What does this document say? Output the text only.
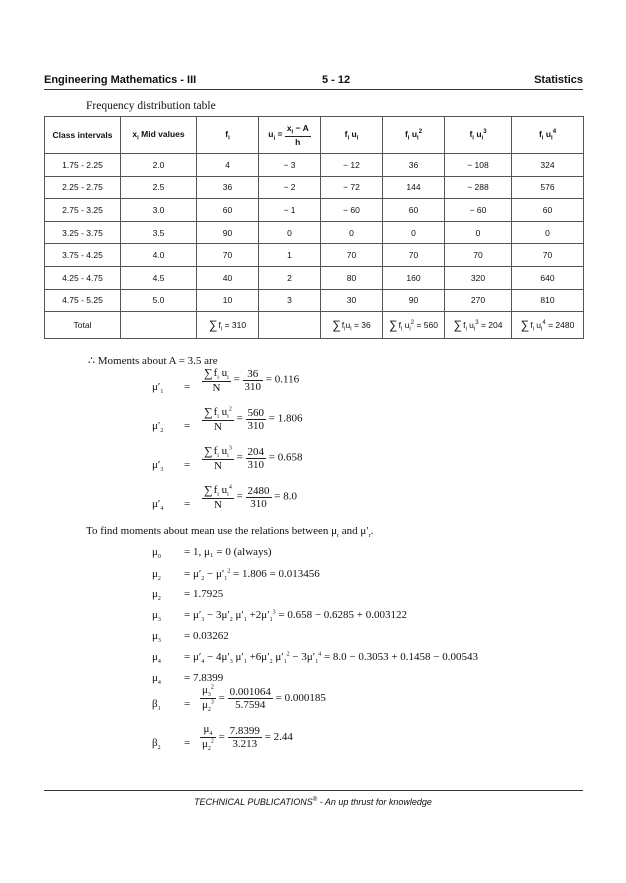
Engineering Mathematics - III	5 - 12	Statistics
Frequency distribution table
Class intervals	$x_i$ Mid values	$f_i$	$u_i = \frac{x_i - A}{h}$	$f_i$ $u_i$	$f_i$ $u_i^2$	$f_i$ $u_i^3$	$f_i$ $u_i^4$
1.75 - 2.25	2.0	4	− 3	− 12	36	− 108	324
2.25 - 2.75	2.5	36	− 2	− 72	144	− 288	576
2.75 - 3.25	3.0	60	− 1	− 60	60	− 60	60
3.25 - 3.75	3.5	90	0	0	0	0	0
3.75 - 4.25	4.0	70	1	70	70	70	70
4.25 - 4.75	4.5	40	2	80	160	320	640
4.75 - 5.25	5.0	10	3	30	90	270	810
Total		$\sum f_i = 310$		$\sum f_iu_i = 36$	$\sum f_i$ $u_i^2 = 560$	$\sum f_i$ $u_i^3 = 204$	$\sum f_i$ $u_i^4 = 2480$
∴ Moments about A = 3.5 are
$\mu'_1$	= $\frac{\sum f_i u_i}{N} = \frac{36}{310} = 0.116$
$\mu'_2$	= $\frac{\sum f_i u_i^2}{N} = \frac{560}{310} = 1.806$
$\mu'_3$	= $\frac{\sum f_i u_i^3}{N} = \frac{204}{310} = 0.658$
$\mu'_4$	= $\frac{\sum f_i u_i^4}{N} = \frac{2480}{310} = 8.0$
To find moments about mean use the relations between $\mu_r$ and $\mu'_r$.
$\mu_0$	= 1, μ₁ = 0 (always)
$\mu_2$	= $\mu'_2 - \mu'_1^2 = 1.806 = 0.013456$
$\mu_2$	= 1.7925
$\mu_3$	= $\mu'_3 - 3\mu'_2$ $\mu'_1 +2\mu'_1^3 = 0.658 - 0.6285 + 0.003122$
$\mu_3$	= 0.03262
$\mu_4$	= $\mu'_4 - 4\mu'_3$ $\mu'_1 +6\mu'_2$ $\mu'_1^2 - 3\mu'_1^4 = 8.0 - 0.3053 + 0.1458 - 0.00543$
$\mu_4$	= 7.8399
$\beta_1$	= $\frac{\mu_3^2}{\mu_2^3} = \frac{0.001064}{5.7594} = 0.000185$
$\beta_2$	= $\frac{\mu_4}{\mu_2^2} = \frac{7.8399}{3.213} = 2.44$
TECHNICAL PUBLICATIONS® - An up thrust for knowledge
